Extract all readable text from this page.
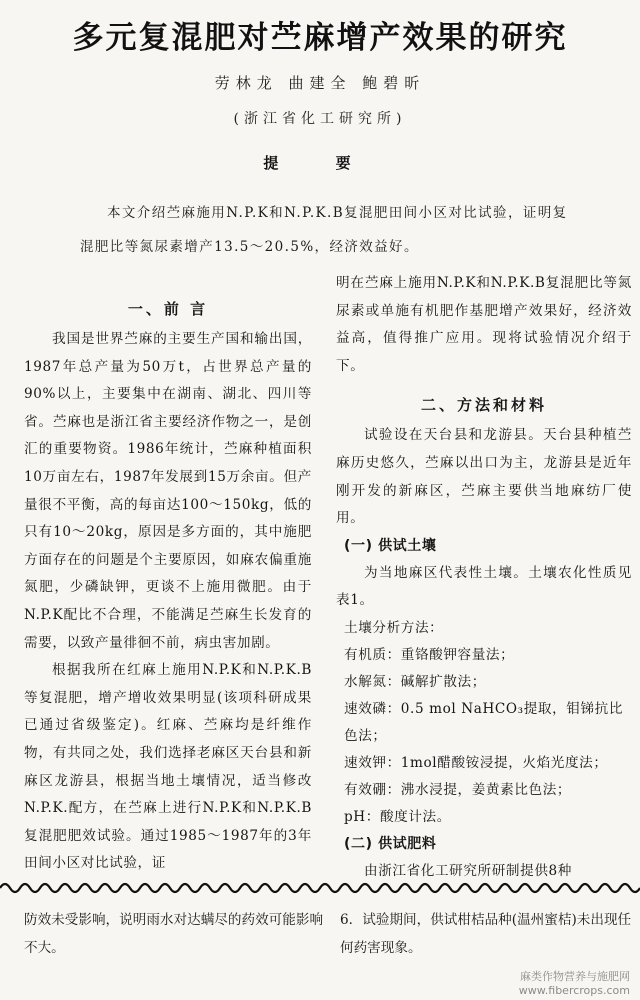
多元复混肥对苎麻增产效果的研究
劳林龙 曲建全 鲍碧昕
(浙江省化工研究所)
提 要

本文介绍苎麻施用N.P.K和N.P.K.B复混肥田间小区对比试验，证明复混肥比等氮尿素增产13.5～20.5%，经济效益好。

一、前 言

我国是世界苎麻的主要生产国和输出国，1987年总产量为50万t，占世界总产量的90%以上，主要集中在湖南、湖北、四川等省。苎麻也是浙江省主要经济作物之一，是创汇的重要物资。1986年统计，苎麻种植面积10万亩左右，1987年发展到15万余亩。但产量很不平衡，高的每亩达100～150kg，低的只有10～20kg，原因是多方面的，其中施肥方面存在的问题是个主要原因，如麻农偏重施氮肥，少磷缺钾，更谈不上施用微肥。由于N.P.K配比不合理，不能满足苎麻生长发育的需要，以致产量徘徊不前，病虫害加剧。

根据我所在红麻上施用N.P.K和N.P.K.B等复混肥，增产增收效果明显(该项科研成果已通过省级鉴定)。红麻、苎麻均是纤维作物，有共同之处，我们选择老麻区天台县和新麻区龙游县，根据当地土壤情况，适当修改N.P.K.配方，在苎麻上进行N.P.K和N.P.K.B复混肥肥效试验。通过1985～1987年的3年田间小区对比试验，证

明在苎麻上施用N.P.K和N.P.K.B复混肥比等氮尿素或单施有机肥作基肥增产效果好，经济效益高，值得推广应用。现将试验情况介绍于下。

二、方法和材料

试验设在天台县和龙游县。天台县种植苎麻历史悠久，苎麻以出口为主，龙游县是近年刚开发的新麻区，苎麻主要供当地麻纺厂使用。

(一) 供试土壤

为当地麻区代表性土壤。土壤农化性质见表1。

土壤分析方法：

有机质：重铬酸钾容量法；

水解氮：碱解扩散法；

速效磷：0.5 mol NaHCO₃提取，钼锑抗比色法；

速效钾：1mol醋酸铵浸提，火焰光度法；

有效硼：沸水浸提，姜黄素比色法；

pH：酸度计法。

(二) 供试肥料

由浙江省化工研究所研制提供8种

防效未受影响，说明雨水对达螨尽的药效可能影响不大。

6．试验期间，供试柑桔品种(温州蜜桔)未出现任何药害现象。

麻类作物营养与施肥网
www.fibercrops.com
